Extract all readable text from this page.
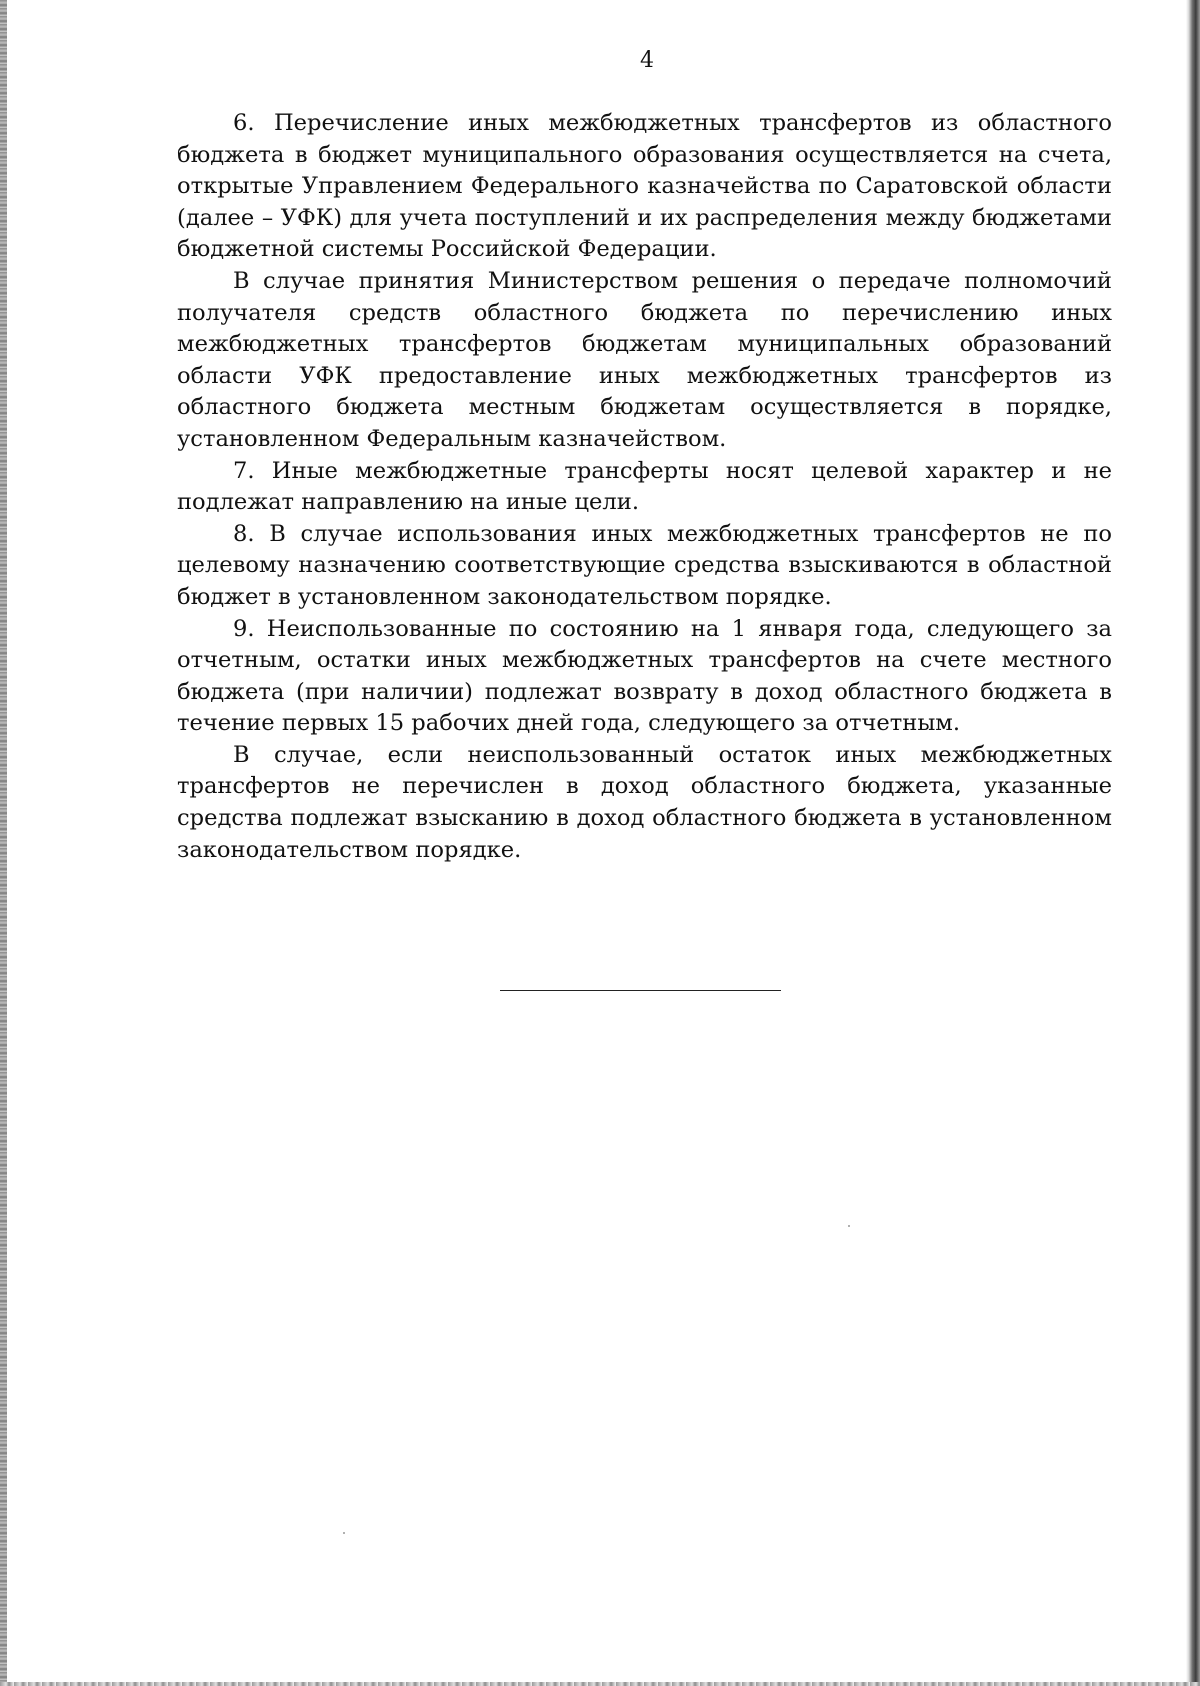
4

6. Перечисление иных межбюджетных трансфертов из областного бюджета в бюджет муниципального образования осуществляется на счета, открытые Управлением Федерального казначейства по Саратовской области (далее – УФК) для учета поступлений и их распределения между бюджетами бюджетной системы Российской Федерации.

В случае принятия Министерством решения о передаче полномочий получателя средств областного бюджета по перечислению иных межбюджетных трансфертов бюджетам муниципальных образований области УФК предоставление иных межбюджетных трансфертов из областного бюджета местным бюджетам осуществляется в порядке, установленном Федеральным казначейством.

7. Иные межбюджетные трансферты носят целевой характер и не подлежат направлению на иные цели.

8. В случае использования иных межбюджетных трансфертов не по целевому назначению соответствующие средства взыскиваются в областной бюджет в установленном законодательством порядке.

9. Неиспользованные по состоянию на 1 января года, следующего за отчетным, остатки иных межбюджетных трансфертов на счете местного бюджета (при наличии) подлежат возврату в доход областного бюджета в течение первых 15 рабочих дней года, следующего за отчетным.

В случае, если неиспользованный остаток иных межбюджетных трансфертов не перечислен в доход областного бюджета, указанные средства подлежат взысканию в доход областного бюджета в установленном законодательством порядке.
